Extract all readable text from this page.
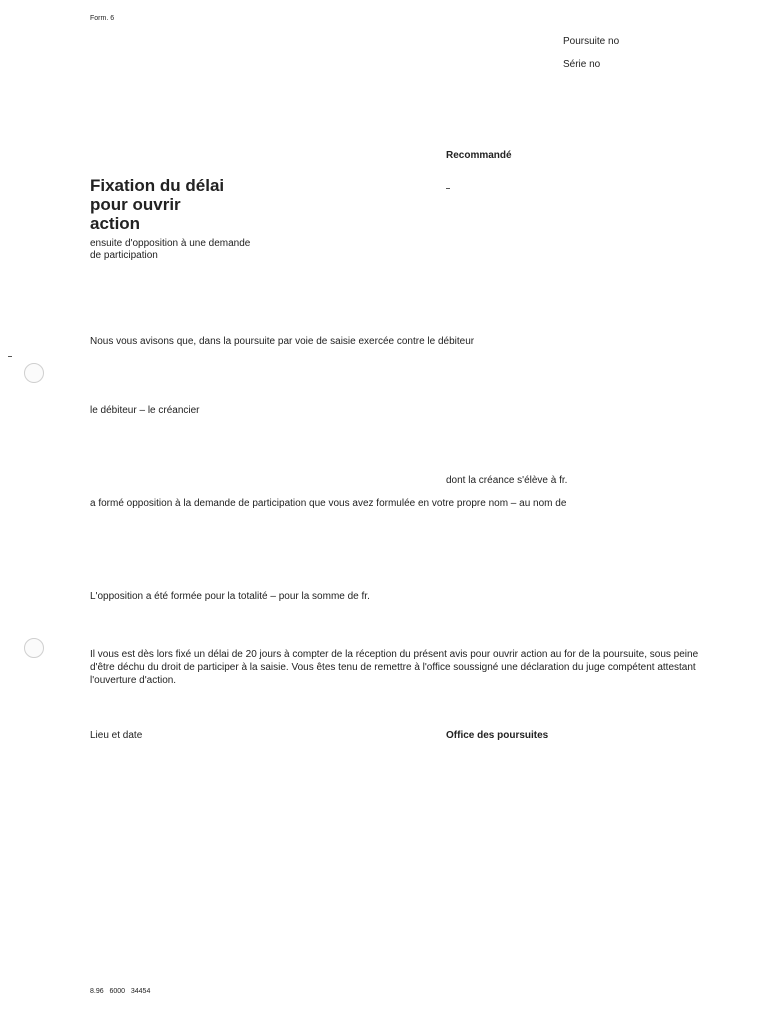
Form. 6
Poursuite no
Série no
Recommandé
Fixation du délai
pour ouvrir
action
ensuite d'opposition à une demande
de participation
Nous vous avisons que, dans la poursuite par voie de saisie exercée contre le débiteur
le débiteur – le créancier
dont la créance s'élève à fr.
a formé opposition à la demande de participation que vous avez formulée en votre propre nom – au nom de
L'opposition a été formée pour la totalité – pour la somme de fr.
Il vous est dès lors fixé un délai de 20 jours à compter de la réception du présent avis pour ouvrir action au for de la poursuite, sous peine d'être déchu du droit de participer à la saisie. Vous êtes tenu de remettre à l'office soussigné une déclaration du juge compétent attestant l'ouverture d'action.
Lieu et date	Office des poursuites
8.96   6000   34454
